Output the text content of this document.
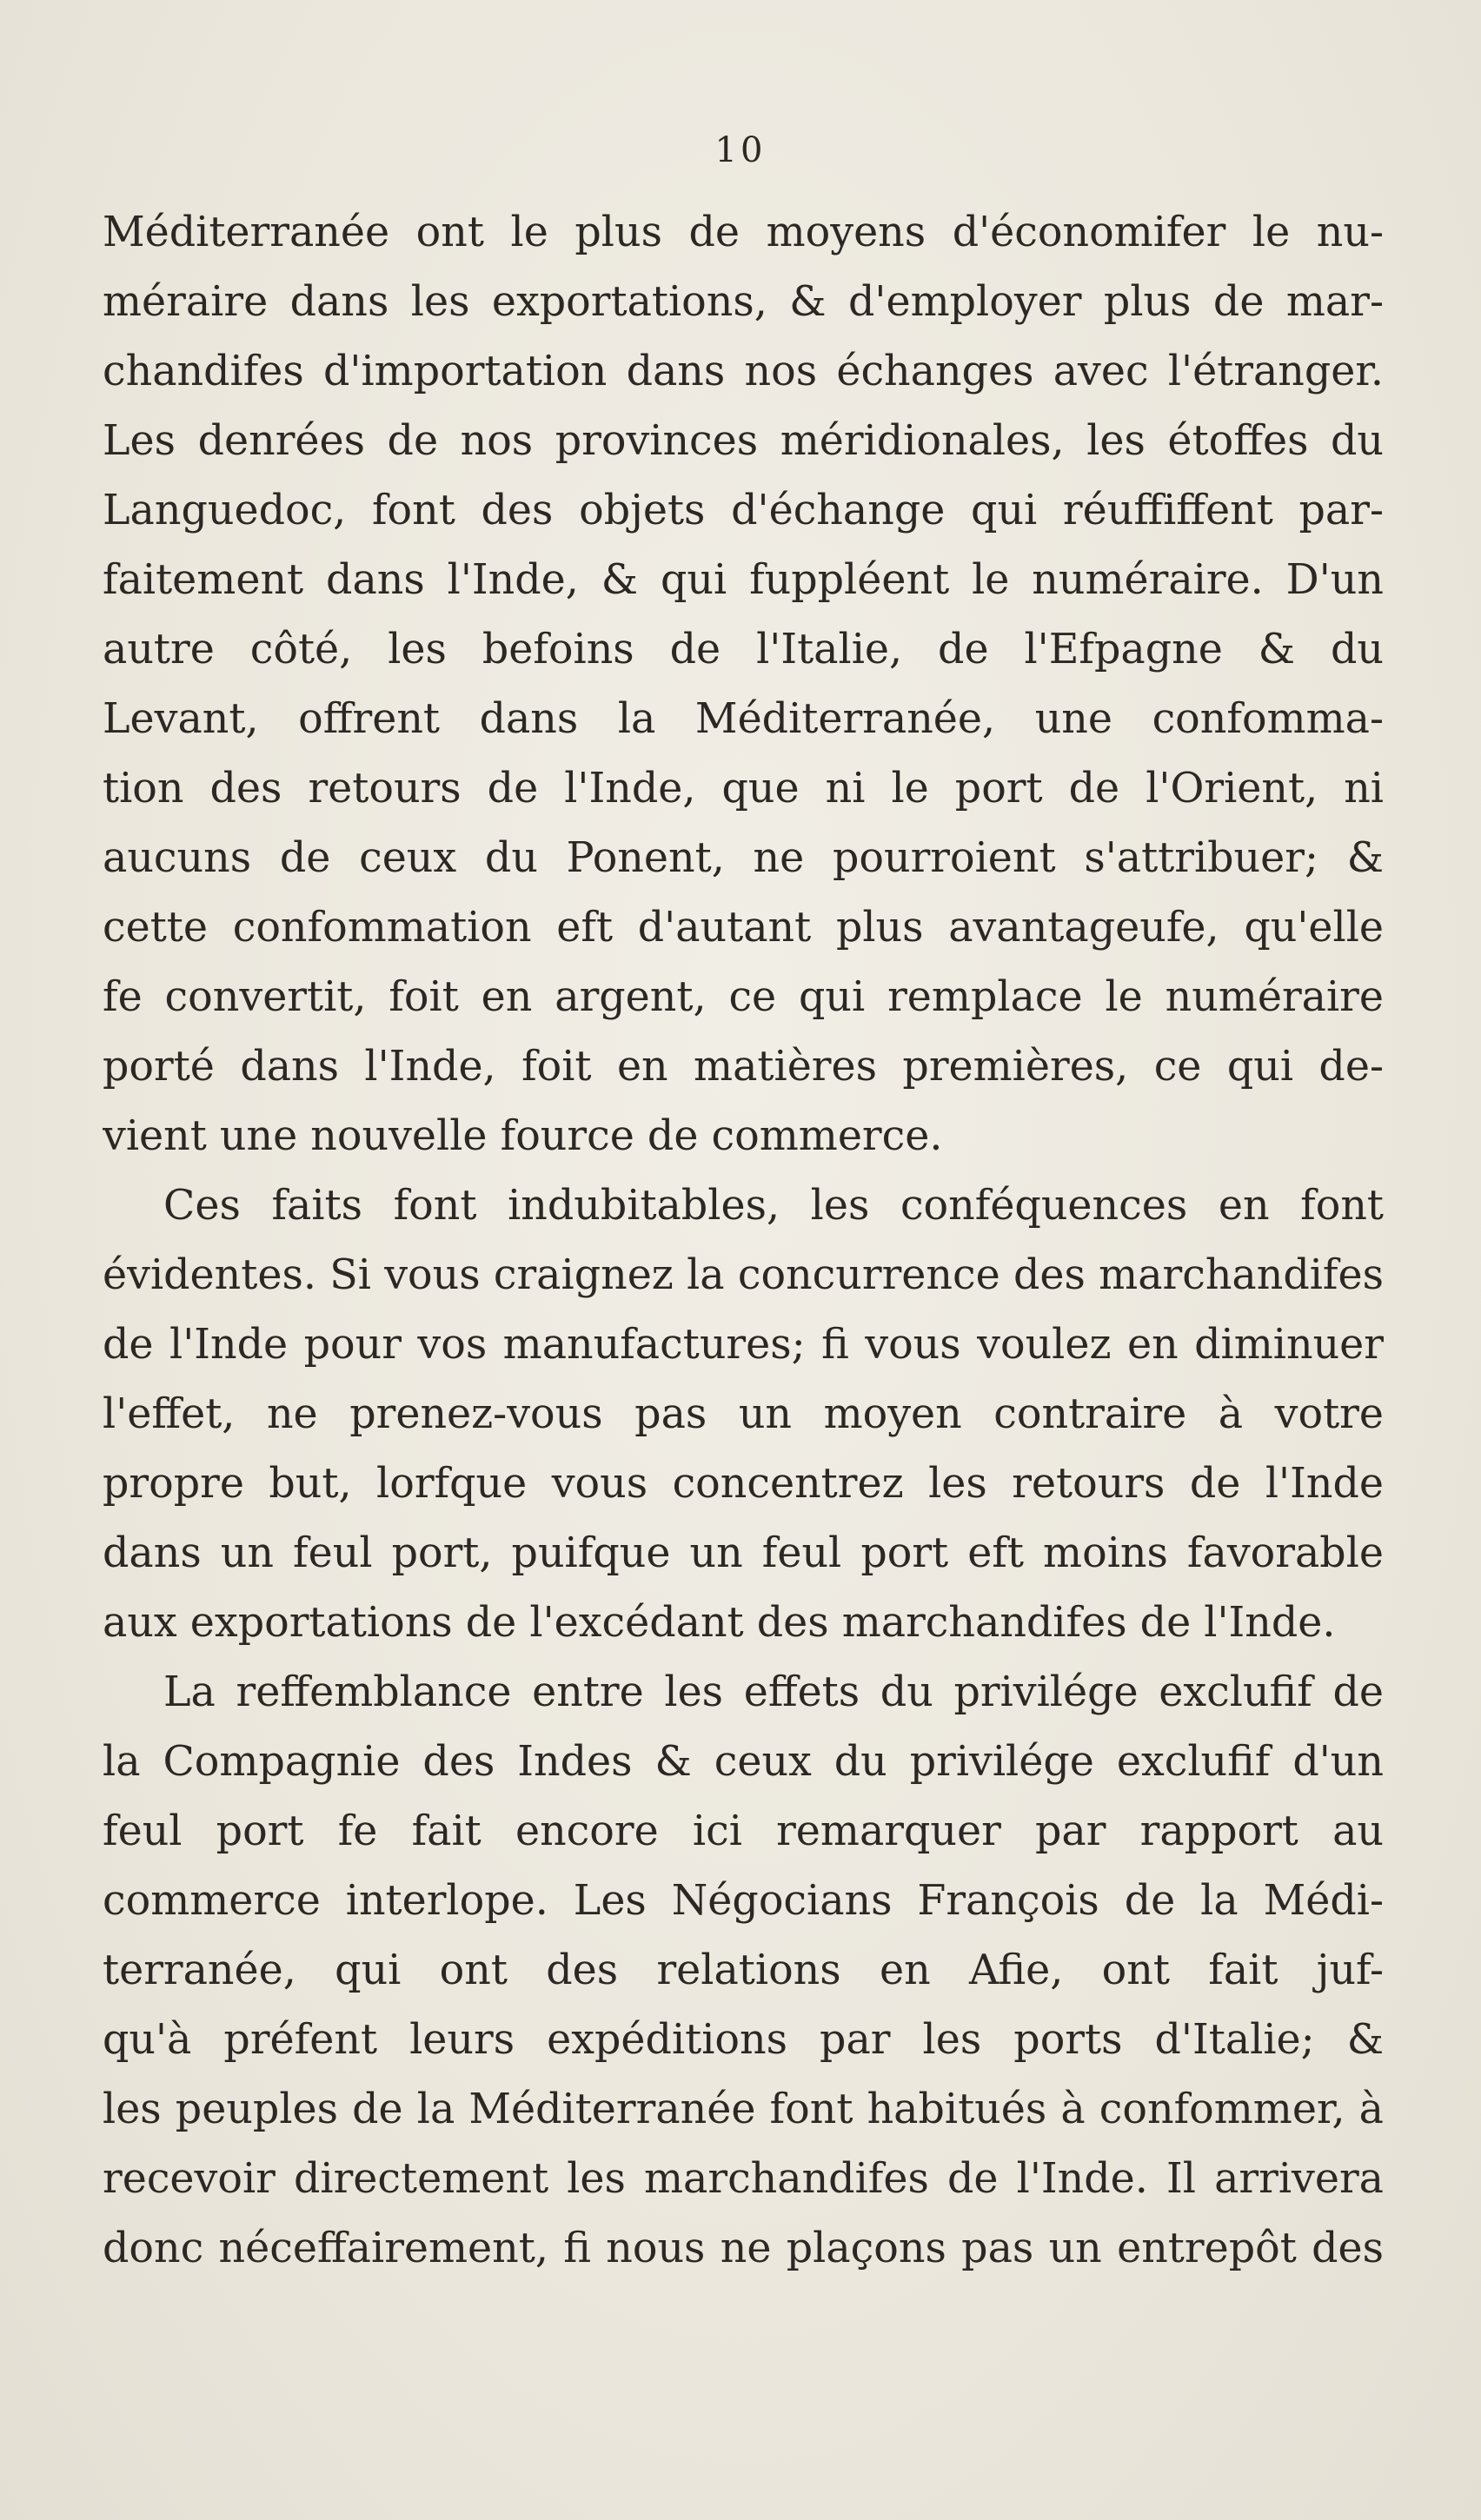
10
Méditerranée ont le plus de moyens d'économifer le nu-
méraire dans les exportations, & d'employer plus de mar-
chandifes d'importation dans nos échanges avec l'étranger.
Les denrées de nos provinces méridionales, les étoffes du
Languedoc, font des objets d'échange qui réuffiffent par-
faitement dans l'Inde, & qui fuppléent le numéraire. D'un
autre côté, les befoins de l'Italie, de l'Efpagne & du
Levant, offrent dans la Méditerranée, une confomma-
tion des retours de l'Inde, que ni le port de l'Orient, ni
aucuns de ceux du Ponent, ne pourroient s'attribuer; &
cette confommation eft d'autant plus avantageufe, qu'elle
fe convertit, foit en argent, ce qui remplace le numéraire
porté dans l'Inde, foit en matières premières, ce qui de-
vient une nouvelle fource de commerce.
Ces faits font indubitables, les conféquences en font
évidentes. Si vous craignez la concurrence des marchandifes
de l'Inde pour vos manufactures; fi vous voulez en diminuer
l'effet, ne prenez-vous pas un moyen contraire à votre
propre but, lorfque vous concentrez les retours de l'Inde
dans un feul port, puifque un feul port eft moins favorable
aux exportations de l'excédant des marchandifes de l'Inde.
La reffemblance entre les effets du privilége exclufif de
la Compagnie des Indes & ceux du privilége exclufif d'un
feul port fe fait encore ici remarquer par rapport au
commerce interlope. Les Négocians François de la Médi-
terranée, qui ont des relations en Afie, ont fait juf-
qu'à préfent leurs expéditions par les ports d'Italie; &
les peuples de la Méditerranée font habitués à confommer, à
recevoir directement les marchandifes de l'Inde. Il arrivera
donc néceffairement, fi nous ne plaçons pas un entrepôt des
